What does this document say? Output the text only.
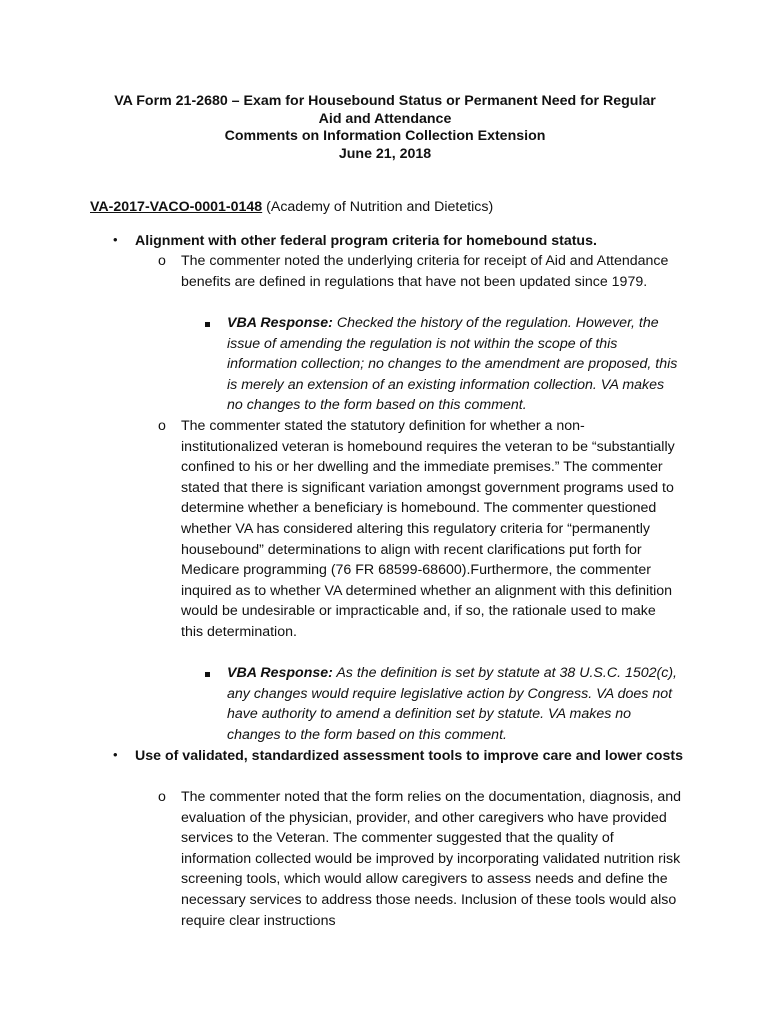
VA Form 21-2680 – Exam for Housebound Status or Permanent Need for Regular
Aid and Attendance
Comments on Information Collection Extension
June 21, 2018
VA-2017-VACO-0001-0148 (Academy of Nutrition and Dietetics)
• Alignment with other federal program criteria for homebound status.
o The commenter noted the underlying criteria for receipt of Aid and Attendance benefits are defined in regulations that have not been updated since 1979.
VBA Response: Checked the history of the regulation. However, the issue of amending the regulation is not within the scope of this information collection; no changes to the amendment are proposed, this is merely an extension of an existing information collection. VA makes no changes to the form based on this comment.
o The commenter stated the statutory definition for whether a non-institutionalized veteran is homebound requires the veteran to be “substantially confined to his or her dwelling and the immediate premises.” The commenter stated that there is significant variation amongst government programs used to determine whether a beneficiary is homebound. The commenter questioned whether VA has considered altering this regulatory criteria for “permanently housebound” determinations to align with recent clarifications put forth for Medicare programming (76 FR 68599-68600).Furthermore, the commenter inquired as to whether VA determined whether an alignment with this definition would be undesirable or impracticable and, if so, the rationale used to make this determination.
VBA Response: As the definition is set by statute at 38 U.S.C. 1502(c), any changes would require legislative action by Congress. VA does not have authority to amend a definition set by statute. VA makes no changes to the form based on this comment.
• Use of validated, standardized assessment tools to improve care and lower costs
o The commenter noted that the form relies on the documentation, diagnosis, and evaluation of the physician, provider, and other caregivers who have provided services to the Veteran. The commenter suggested that the quality of information collected would be improved by incorporating validated nutrition risk screening tools, which would allow caregivers to assess needs and define the necessary services to address those needs. Inclusion of these tools would also require clear instructions
